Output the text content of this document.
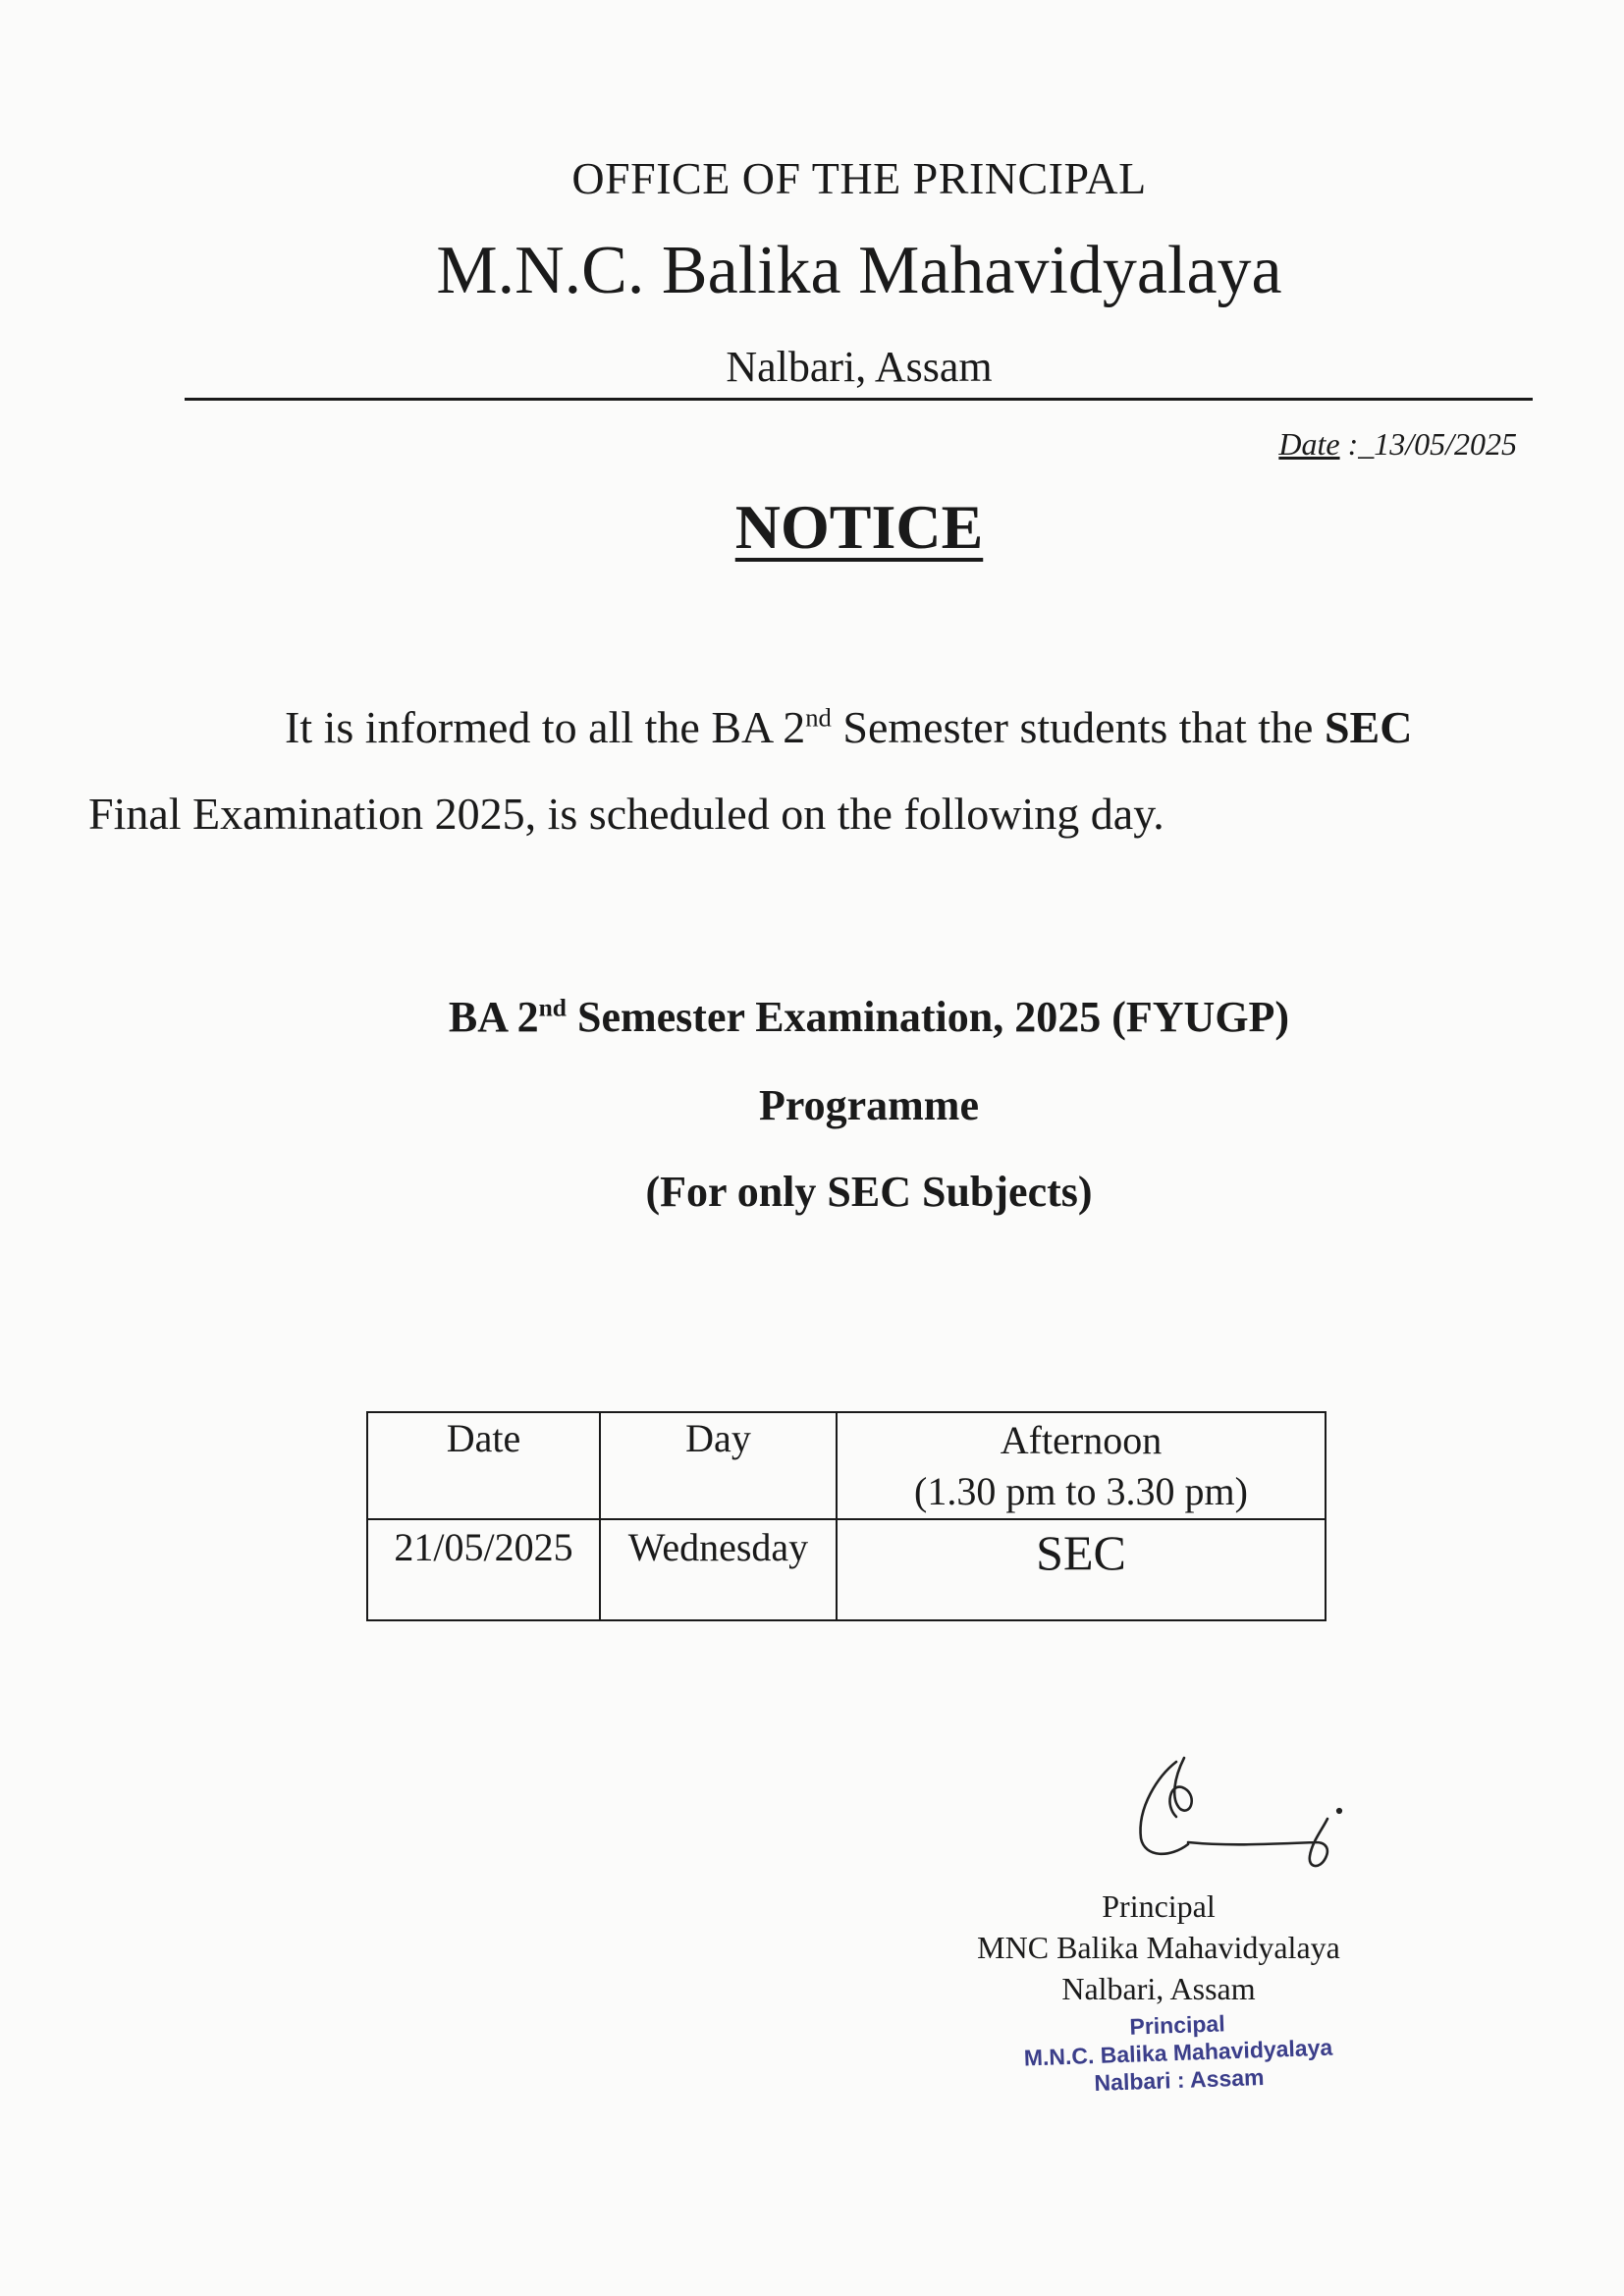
OFFICE OF THE PRINCIPAL
M.N.C. Balika Mahavidyalaya
Nalbari, Assam
Date :_13/05/2025
NOTICE
It is informed to all the BA 2nd Semester students that the SEC
Final Examination 2025, is scheduled on the following day.
BA 2nd Semester Examination, 2025 (FYUGP)
Programme
(For only SEC Subjects)
Date	Day	Afternoon
(1.30 pm to 3.30 pm)
21/05/2025	Wednesday	SEC
Principal
MNC Balika Mahavidyalaya
Nalbari, Assam
Principal
M.N.C. Balika Mahavidyalaya
Nalbari : Assam
